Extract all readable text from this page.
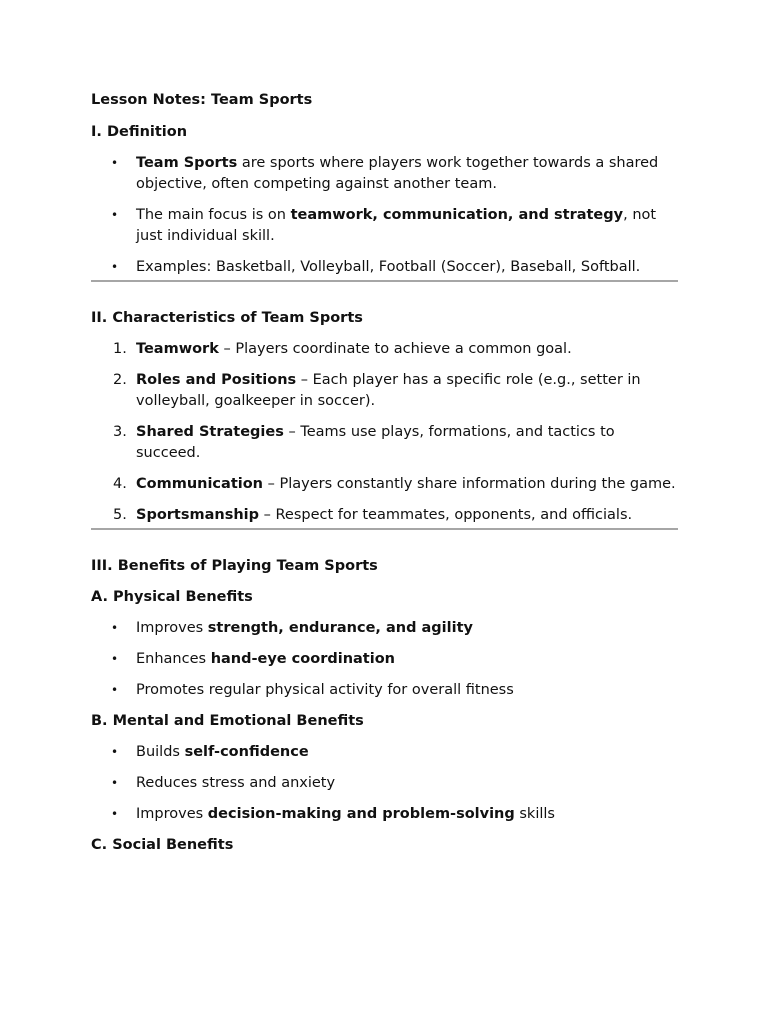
Lesson Notes: Team Sports

I. Definition

• Team Sports are sports where players work together towards a shared objective, often competing against another team.
• The main focus is on teamwork, communication, and strategy, not just individual skill.
• Examples: Basketball, Volleyball, Football (Soccer), Baseball, Softball.

II. Characteristics of Team Sports

1. Teamwork – Players coordinate to achieve a common goal.
2. Roles and Positions – Each player has a specific role (e.g., setter in volleyball, goalkeeper in soccer).
3. Shared Strategies – Teams use plays, formations, and tactics to succeed.
4. Communication – Players constantly share information during the game.
5. Sportsmanship – Respect for teammates, opponents, and officials.

III. Benefits of Playing Team Sports

A. Physical Benefits

• Improves strength, endurance, and agility
• Enhances hand-eye coordination
• Promotes regular physical activity for overall fitness

B. Mental and Emotional Benefits

• Builds self-confidence
• Reduces stress and anxiety
• Improves decision-making and problem-solving skills

C. Social Benefits
